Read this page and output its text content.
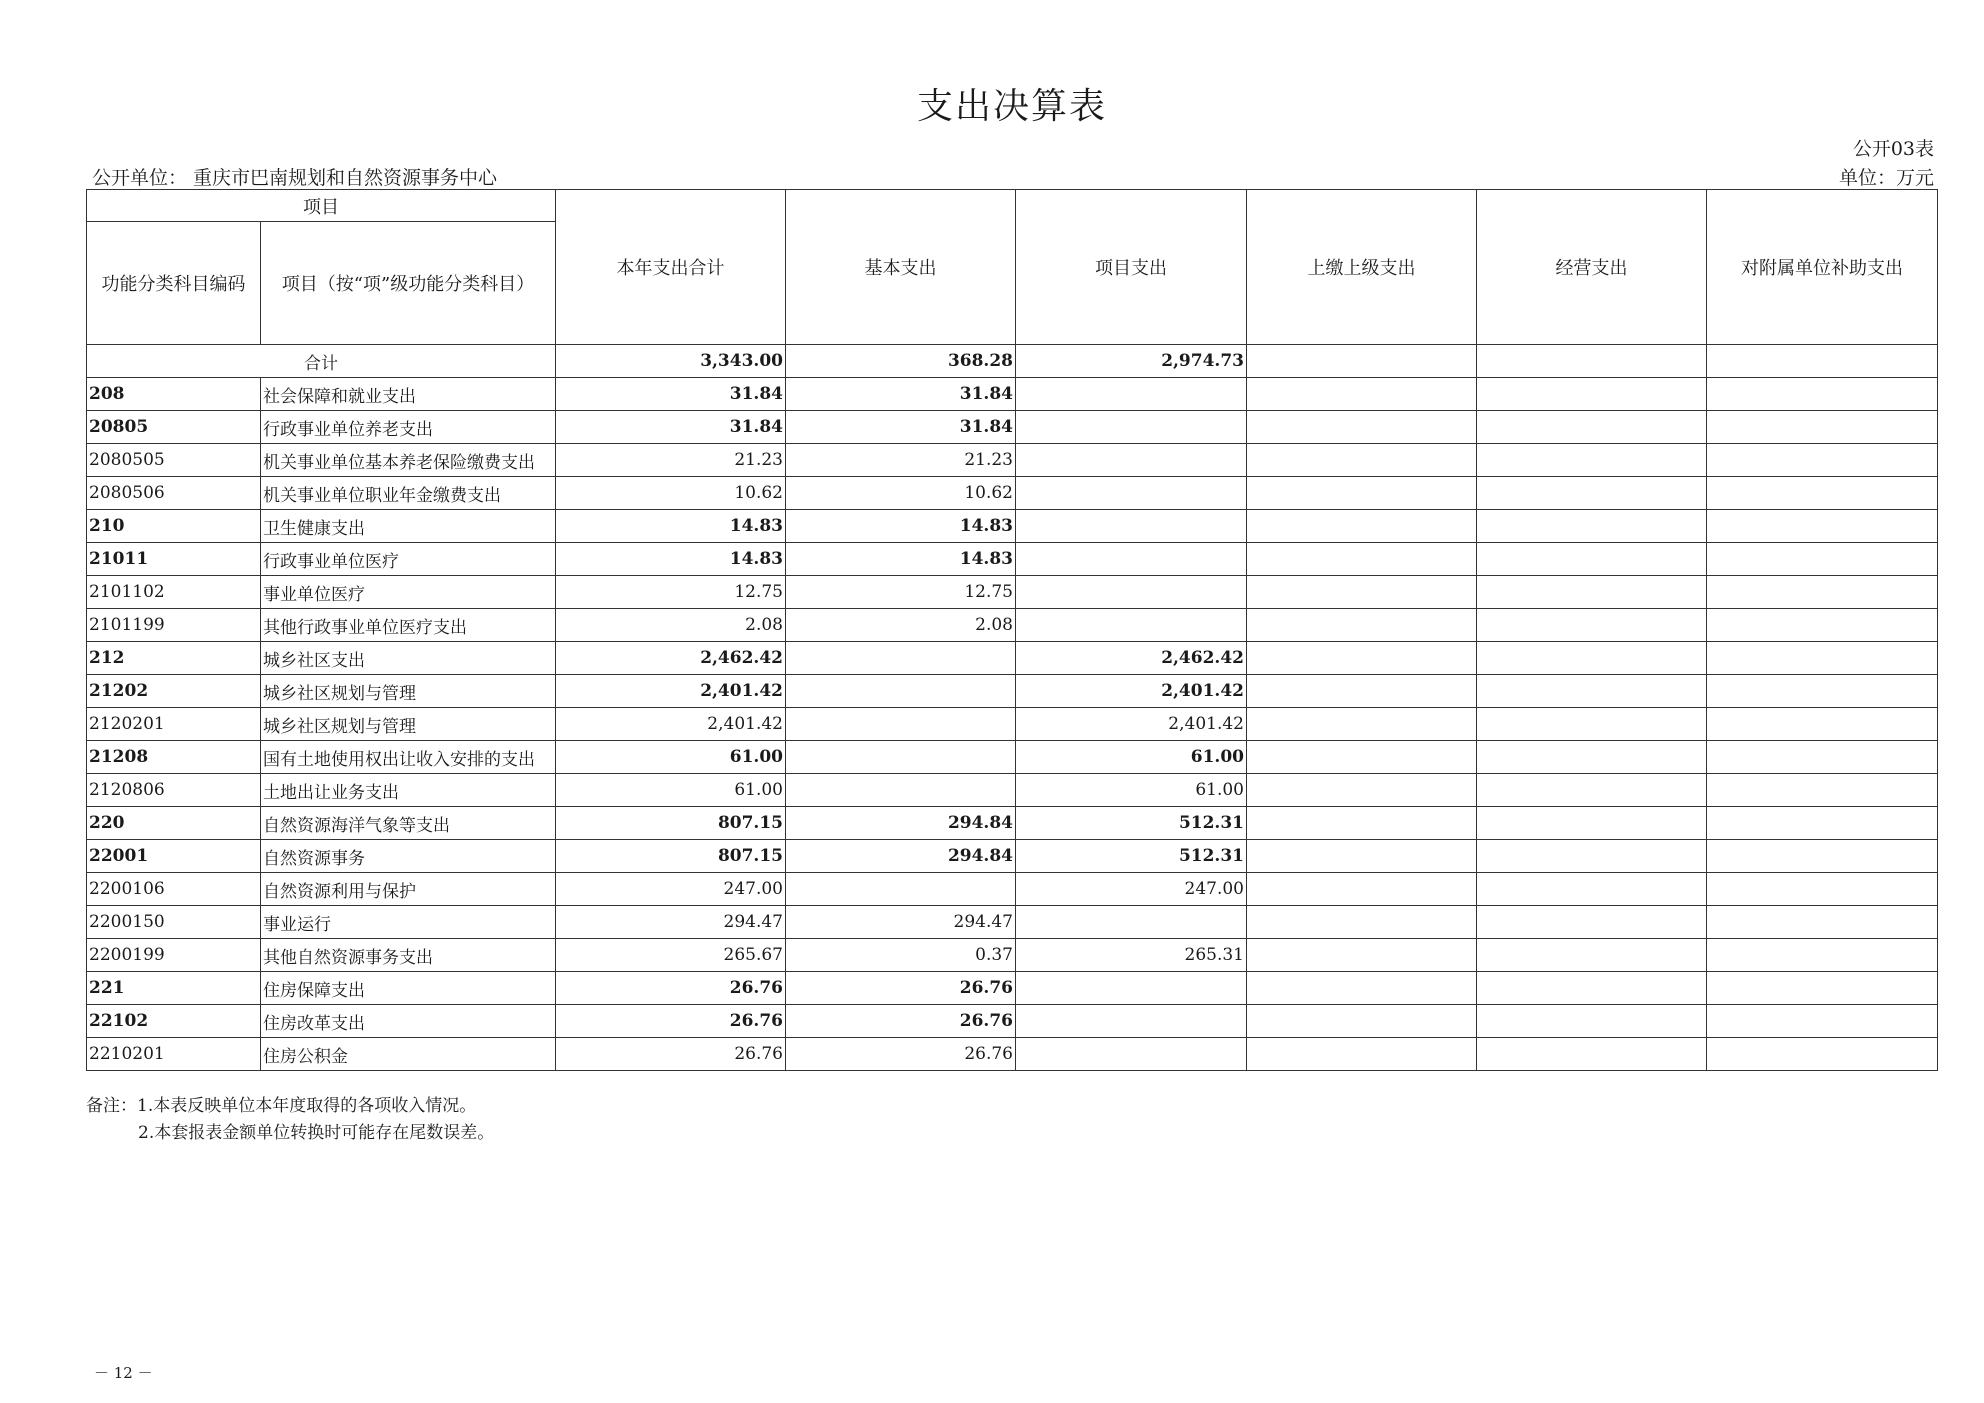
支出决算表
公开03表
公开单位： 重庆市巴南规划和自然资源事务中心	单位：万元
项目		本年支出合计	基本支出	项目支出	上缴上级支出	经营支出	对附属单位补助支出
功能分类科目编码	项目（按“项”级功能分类科目）						
合计		3,343.00	368.28	2,974.73			
208	社会保障和就业支出	31.84	31.84				
20805	行政事业单位养老支出	31.84	31.84				
2080505	机关事业单位基本养老保险缴费支出	21.23	21.23				
2080506	机关事业单位职业年金缴费支出	10.62	10.62				
210	卫生健康支出	14.83	14.83				
21011	行政事业单位医疗	14.83	14.83				
2101102	事业单位医疗	12.75	12.75				
2101199	其他行政事业单位医疗支出	2.08	2.08				
212	城乡社区支出	2,462.42		2,462.42			
21202	城乡社区规划与管理	2,401.42		2,401.42			
2120201	城乡社区规划与管理	2,401.42		2,401.42			
21208	国有土地使用权出让收入安排的支出	61.00		61.00			
2120806	土地出让业务支出	61.00		61.00			
220	自然资源海洋气象等支出	807.15	294.84	512.31			
22001	自然资源事务	807.15	294.84	512.31			
2200106	自然资源利用与保护	247.00		247.00			
2200150	事业运行	294.47	294.47				
2200199	其他自然资源事务支出	265.67	0.37	265.31			
221	住房保障支出	26.76	26.76				
22102	住房改革支出	26.76	26.76				
2210201	住房公积金	26.76	26.76				
备注：1.本表反映单位本年度取得的各项收入情况。
2.本套报表金额单位转换时可能存在尾数误差。
－ 12 －
